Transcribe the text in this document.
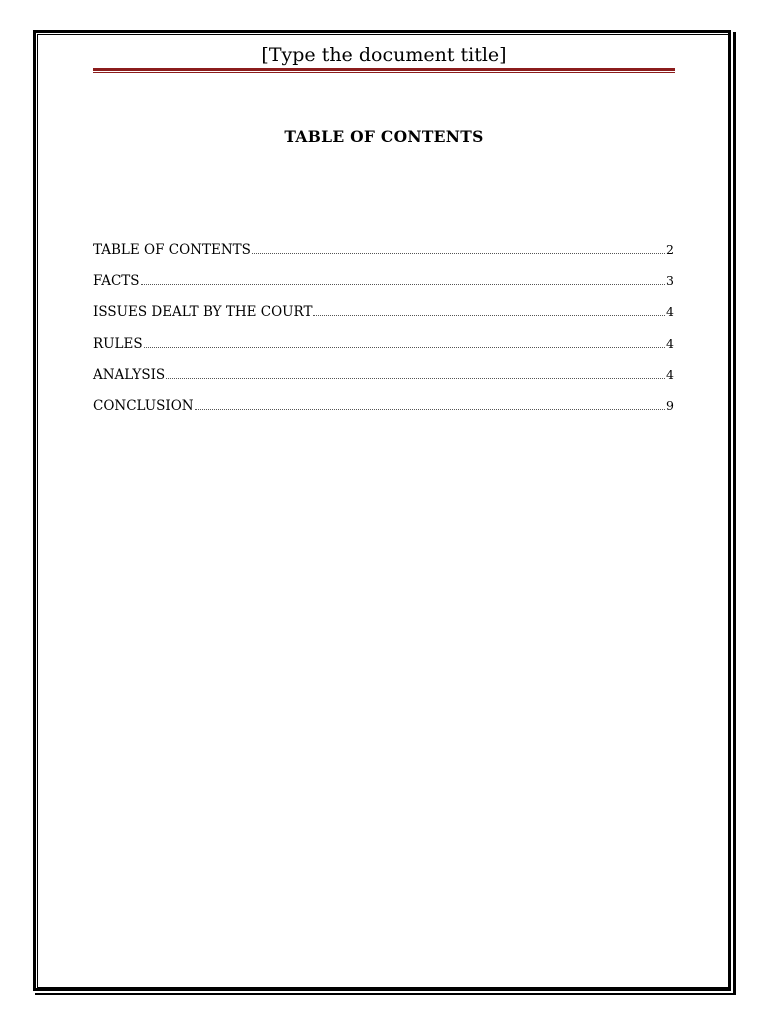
[Type the document title]
TABLE OF CONTENTS
TABLE OF CONTENTS	2
FACTS	3
ISSUES DEALT BY THE COURT	4
RULES	4
ANALYSIS	4
CONCLUSION	9
